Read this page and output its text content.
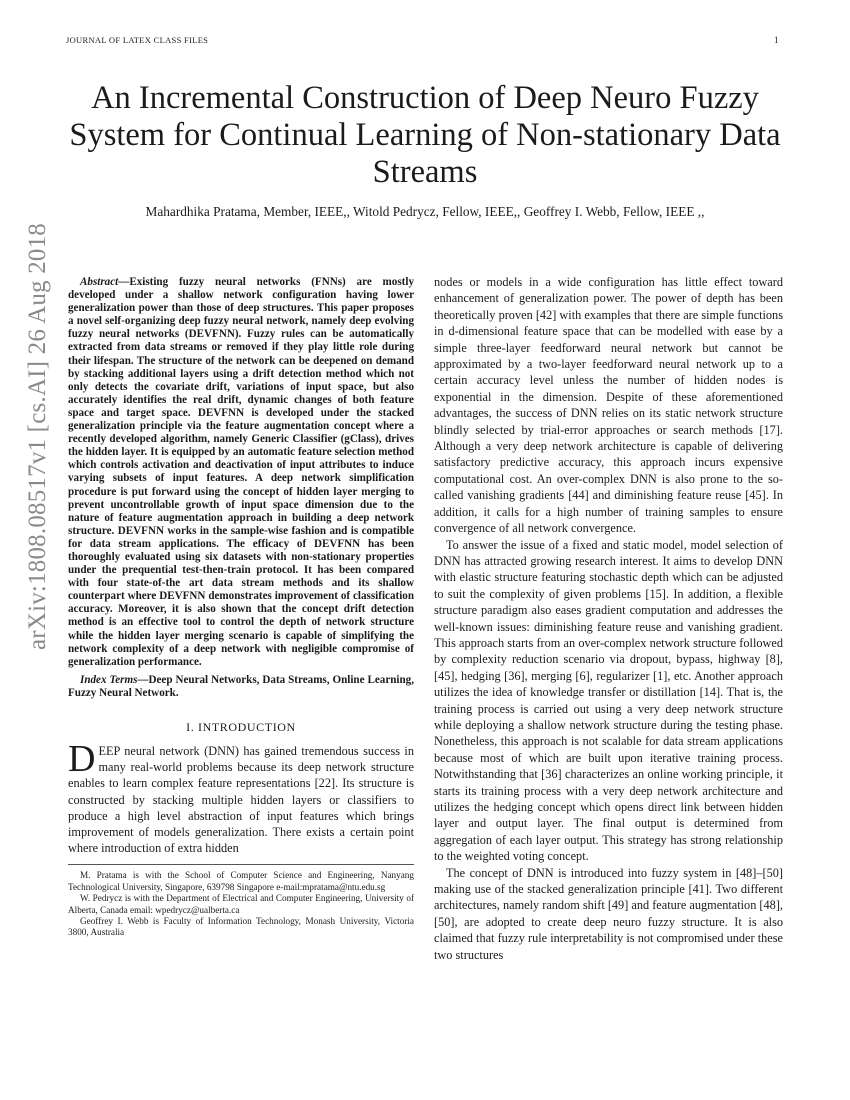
JOURNAL OF LATEX CLASS FILES	1
arXiv:1808.08517v1 [cs.AI] 26 Aug 2018
An Incremental Construction of Deep Neuro Fuzzy System for Continual Learning of Non-stationary Data Streams
Mahardhika Pratama, Member, IEEE,, Witold Pedrycz, Fellow, IEEE,, Geoffrey I. Webb, Fellow, IEEE ,,

Abstract—Existing fuzzy neural networks (FNNs) are mostly developed under a shallow network configuration having lower generalization power than those of deep structures. This paper proposes a novel self-organizing deep fuzzy neural network, namely deep evolving fuzzy neural networks (DEVFNN). Fuzzy rules can be automatically extracted from data streams or removed if they play little role during their lifespan. The structure of the network can be deepened on demand by stacking additional layers using a drift detection method which not only detects the covariate drift, variations of input space, but also accurately identifies the real drift, dynamic changes of both feature space and target space. DEVFNN is developed under the stacked generalization principle via the feature augmentation concept where a recently developed algorithm, namely Generic Classifier (gClass), drives the hidden layer. It is equipped by an automatic feature selection method which controls activation and deactivation of input attributes to induce varying subsets of input features. A deep network simplification procedure is put forward using the concept of hidden layer merging to prevent uncontrollable growth of input space dimension due to the nature of feature augmentation approach in building a deep network structure. DEVFNN works in the sample-wise fashion and is compatible for data stream applications. The efficacy of DEVFNN has been thoroughly evaluated using six datasets with non-stationary properties under the prequential test-then-train protocol. It has been compared with four state-of-the art data stream methods and its shallow counterpart where DEVFNN demonstrates improvement of classification accuracy. Moreover, it is also shown that the concept drift detection method is an effective tool to control the depth of network structure while the hidden layer merging scenario is capable of simplifying the network complexity of a deep network with negligible compromise of generalization performance.

Index Terms—Deep Neural Networks, Data Streams, Online Learning, Fuzzy Neural Network.

I. INTRODUCTION

DEEP neural network (DNN) has gained tremendous success in many real-world problems because its deep network structure enables to learn complex feature representations [22]. Its structure is constructed by stacking multiple hidden layers or classifiers to produce a high level abstraction of input features which brings improvement of models generalization. There exists a certain point where introduction of extra hidden

M. Pratama is with the School of Computer Science and Engineering, Nanyang Technological University, Singapore, 639798 Singapore e-mail:mpratama@ntu.edu.sg

W. Pedrycz is with the Department of Electrical and Computer Engineering, University of Alberta, Canada email: wpedrycz@ualberta.ca

Geoffrey I. Webb is Faculty of Information Technology, Monash University, Victoria 3800, Australia

nodes or models in a wide configuration has little effect toward enhancement of generalization power. The power of depth has been theoretically proven [42] with examples that there are simple functions in d-dimensional feature space that can be modelled with ease by a simple three-layer feedforward neural network but cannot be approximated by a two-layer feedforward neural network up to a certain accuracy level unless the number of hidden nodes is exponential in the dimension. Despite of these aforementioned advantages, the success of DNN relies on its static network structure blindly selected by trial-error approaches or search methods [17]. Although a very deep network architecture is capable of delivering satisfactory predictive accuracy, this approach incurs expensive computational cost. An over-complex DNN is also prone to the so-called vanishing gradients [44] and diminishing feature reuse [45]. In addition, it calls for a high number of training samples to ensure convergence of all network convergence.

To answer the issue of a fixed and static model, model selection of DNN has attracted growing research interest. It aims to develop DNN with elastic structure featuring stochastic depth which can be adjusted to suit the complexity of given problems [15]. In addition, a flexible structure paradigm also eases gradient computation and addresses the well-known issues: diminishing feature reuse and vanishing gradient. This approach starts from an over-complex network structure followed by complexity reduction scenario via dropout, bypass, highway [8], [45], hedging [36], merging [6], regularizer [1], etc. Another approach utilizes the idea of knowledge transfer or distillation [14]. That is, the training process is carried out using a very deep network structure while deploying a shallow network structure during the testing phase. Nonetheless, this approach is not scalable for data stream applications because most of which are built upon iterative training process. Notwithstanding that [36] characterizes an online working principle, it starts its training process with a very deep network architecture and utilizes the hedging concept which opens direct link between hidden layer and output layer. The final output is determined from aggregation of each layer output. This strategy has strong relationship to the weighted voting concept.

The concept of DNN is introduced into fuzzy system in [48]–[50] making use of the stacked generalization principle [41]. Two different architectures, namely random shift [49] and feature augmentation [48], [50], are adopted to create deep neuro fuzzy structure. It is also claimed that fuzzy rule interpretability is not compromised under these two structures
